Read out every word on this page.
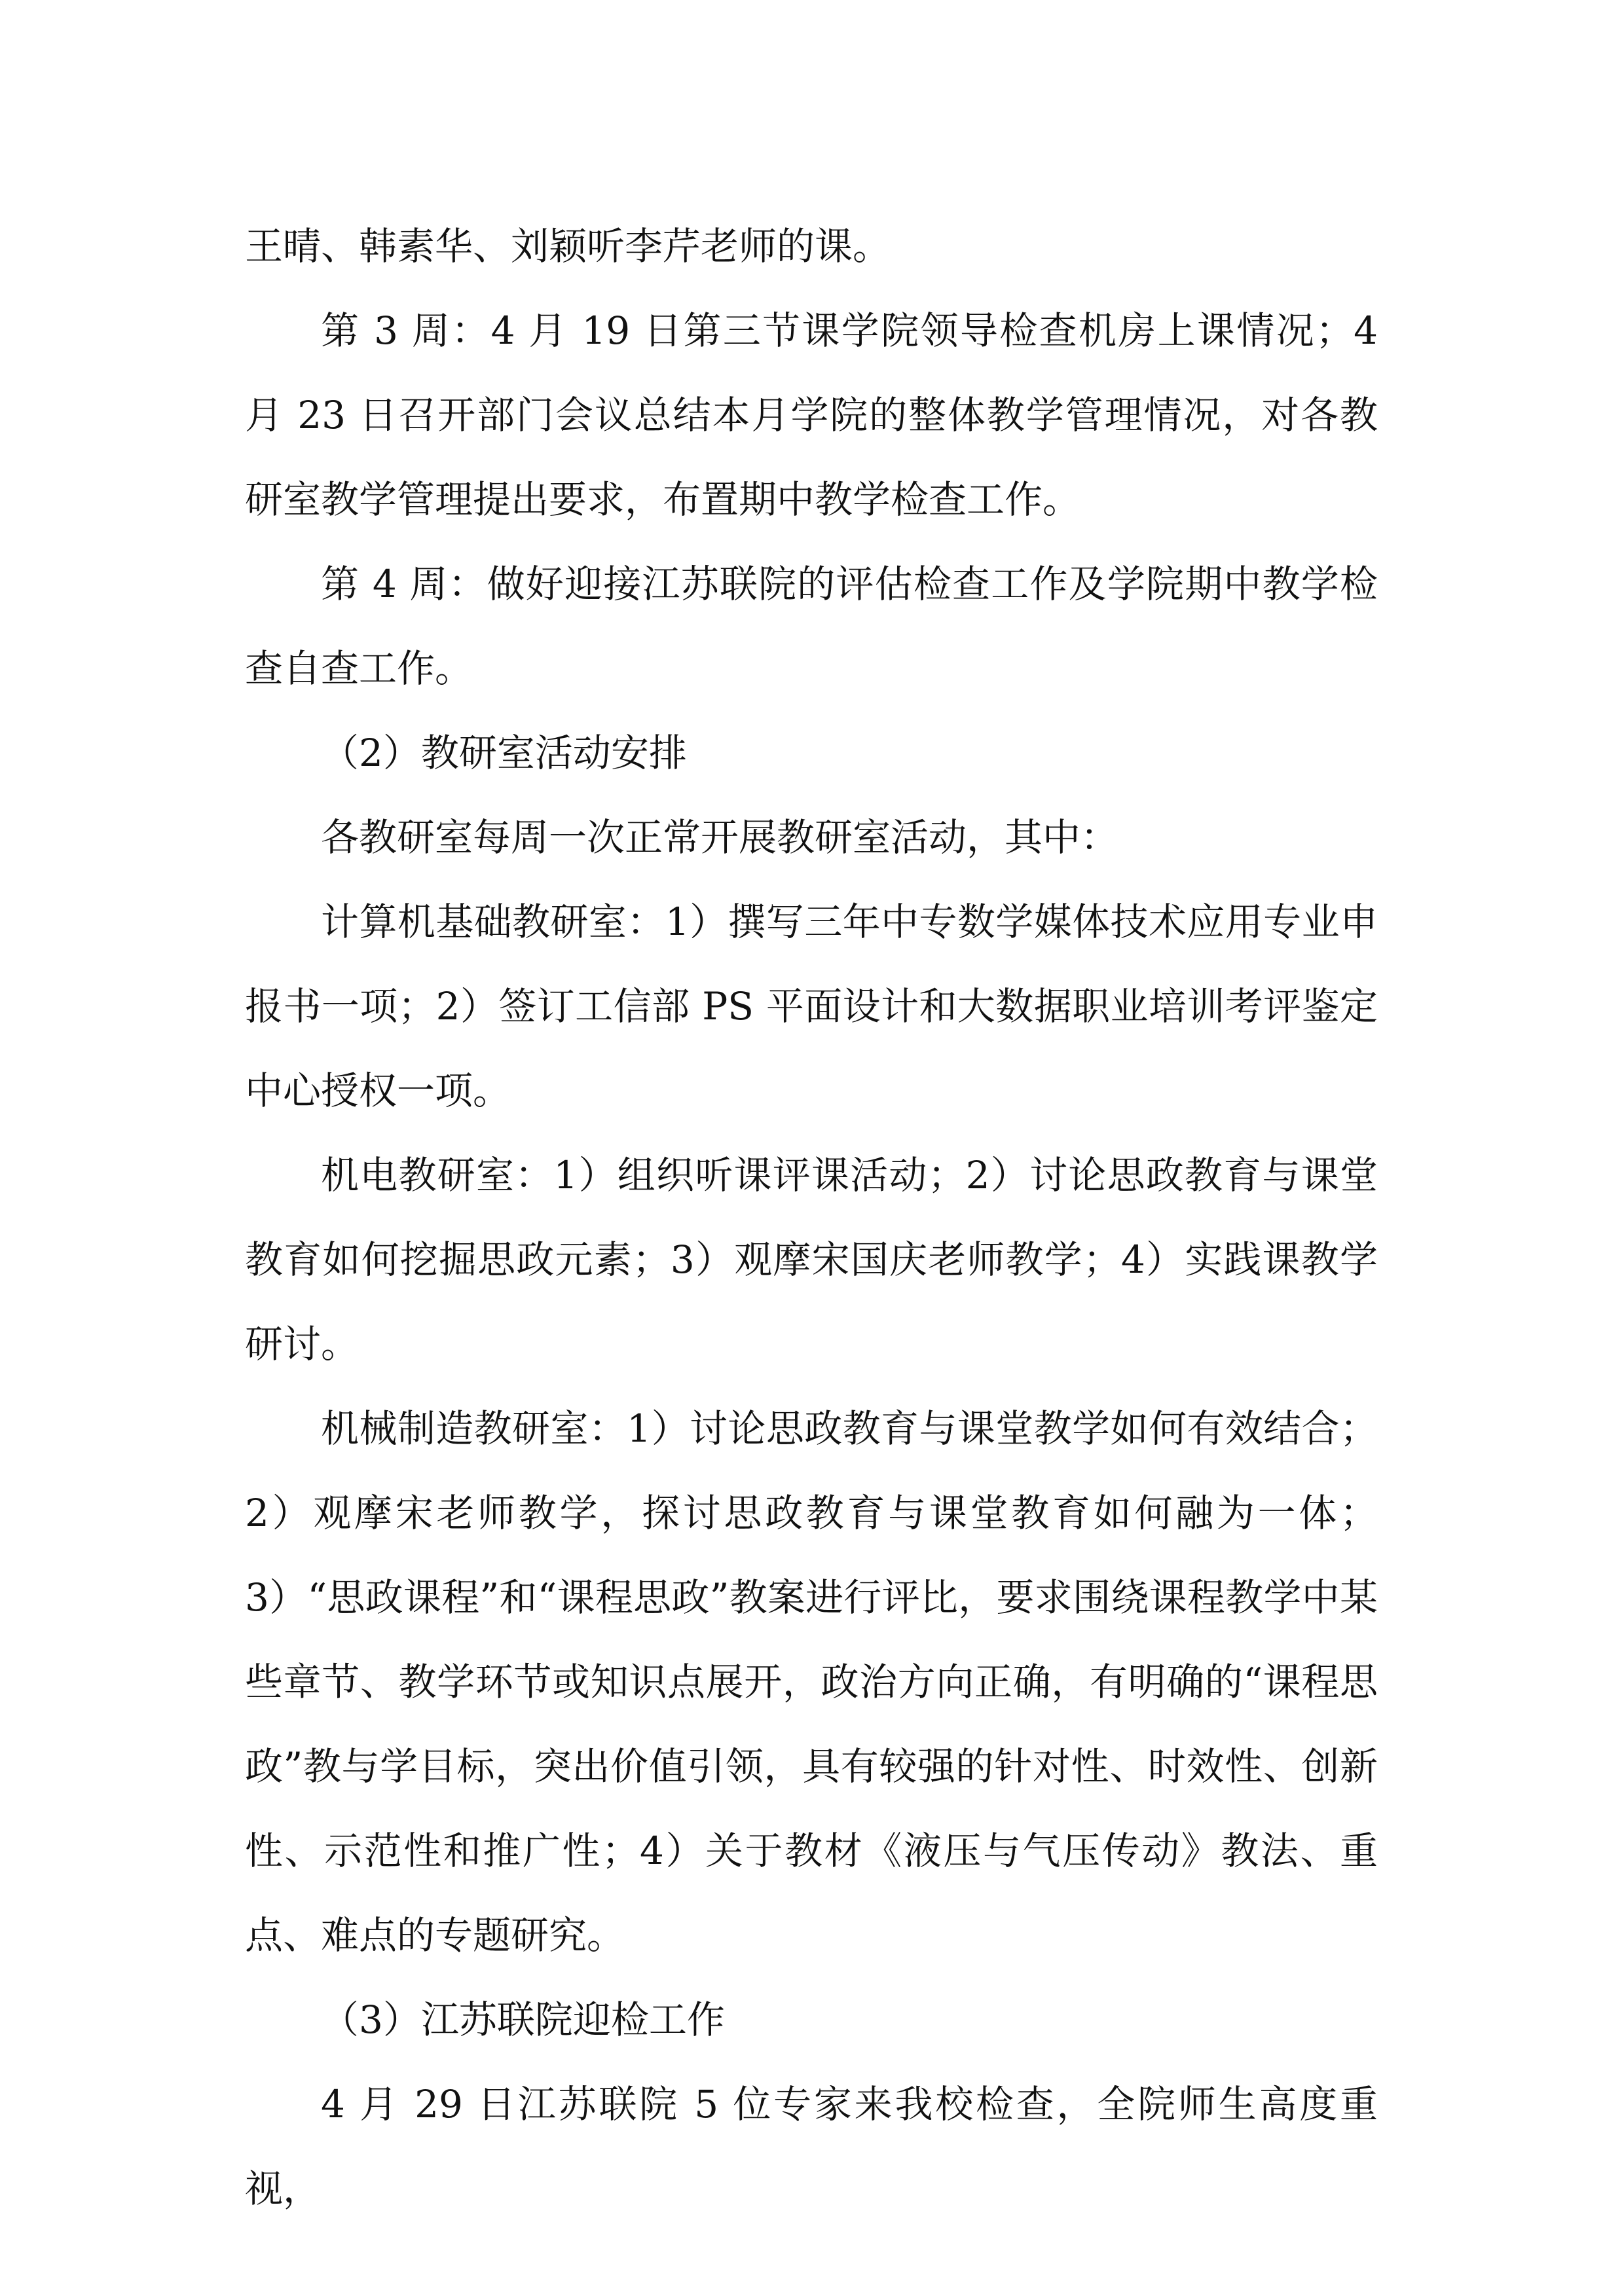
王晴、韩素华、刘颖听李芹老师的课。

第 3 周：4 月 19 日第三节课学院领导检查机房上课情况；4 月 23 日召开部门会议总结本月学院的整体教学管理情况，对各教研室教学管理提出要求，布置期中教学检查工作。

第 4 周：做好迎接江苏联院的评估检查工作及学院期中教学检查自查工作。

（2）教研室活动安排

各教研室每周一次正常开展教研室活动，其中：

计算机基础教研室：1）撰写三年中专数学媒体技术应用专业申报书一项；2）签订工信部 PS 平面设计和大数据职业培训考评鉴定中心授权一项。

机电教研室：1）组织听课评课活动；2）讨论思政教育与课堂教育如何挖掘思政元素；3）观摩宋国庆老师教学；4）实践课教学研讨。

机械制造教研室：1）讨论思政教育与课堂教学如何有效结合；2）观摩宋老师教学，探讨思政教育与课堂教育如何融为一体；3）“思政课程”和“课程思政”教案进行评比，要求围绕课程教学中某些章节、教学环节或知识点展开，政治方向正确，有明确的“课程思政”教与学目标，突出价值引领，具有较强的针对性、时效性、创新性、示范性和推广性；4）关于教材《液压与气压传动》教法、重点、难点的专题研究。

（3）江苏联院迎检工作

4 月 29 日江苏联院 5 位专家来我校检查，全院师生高度重视，
